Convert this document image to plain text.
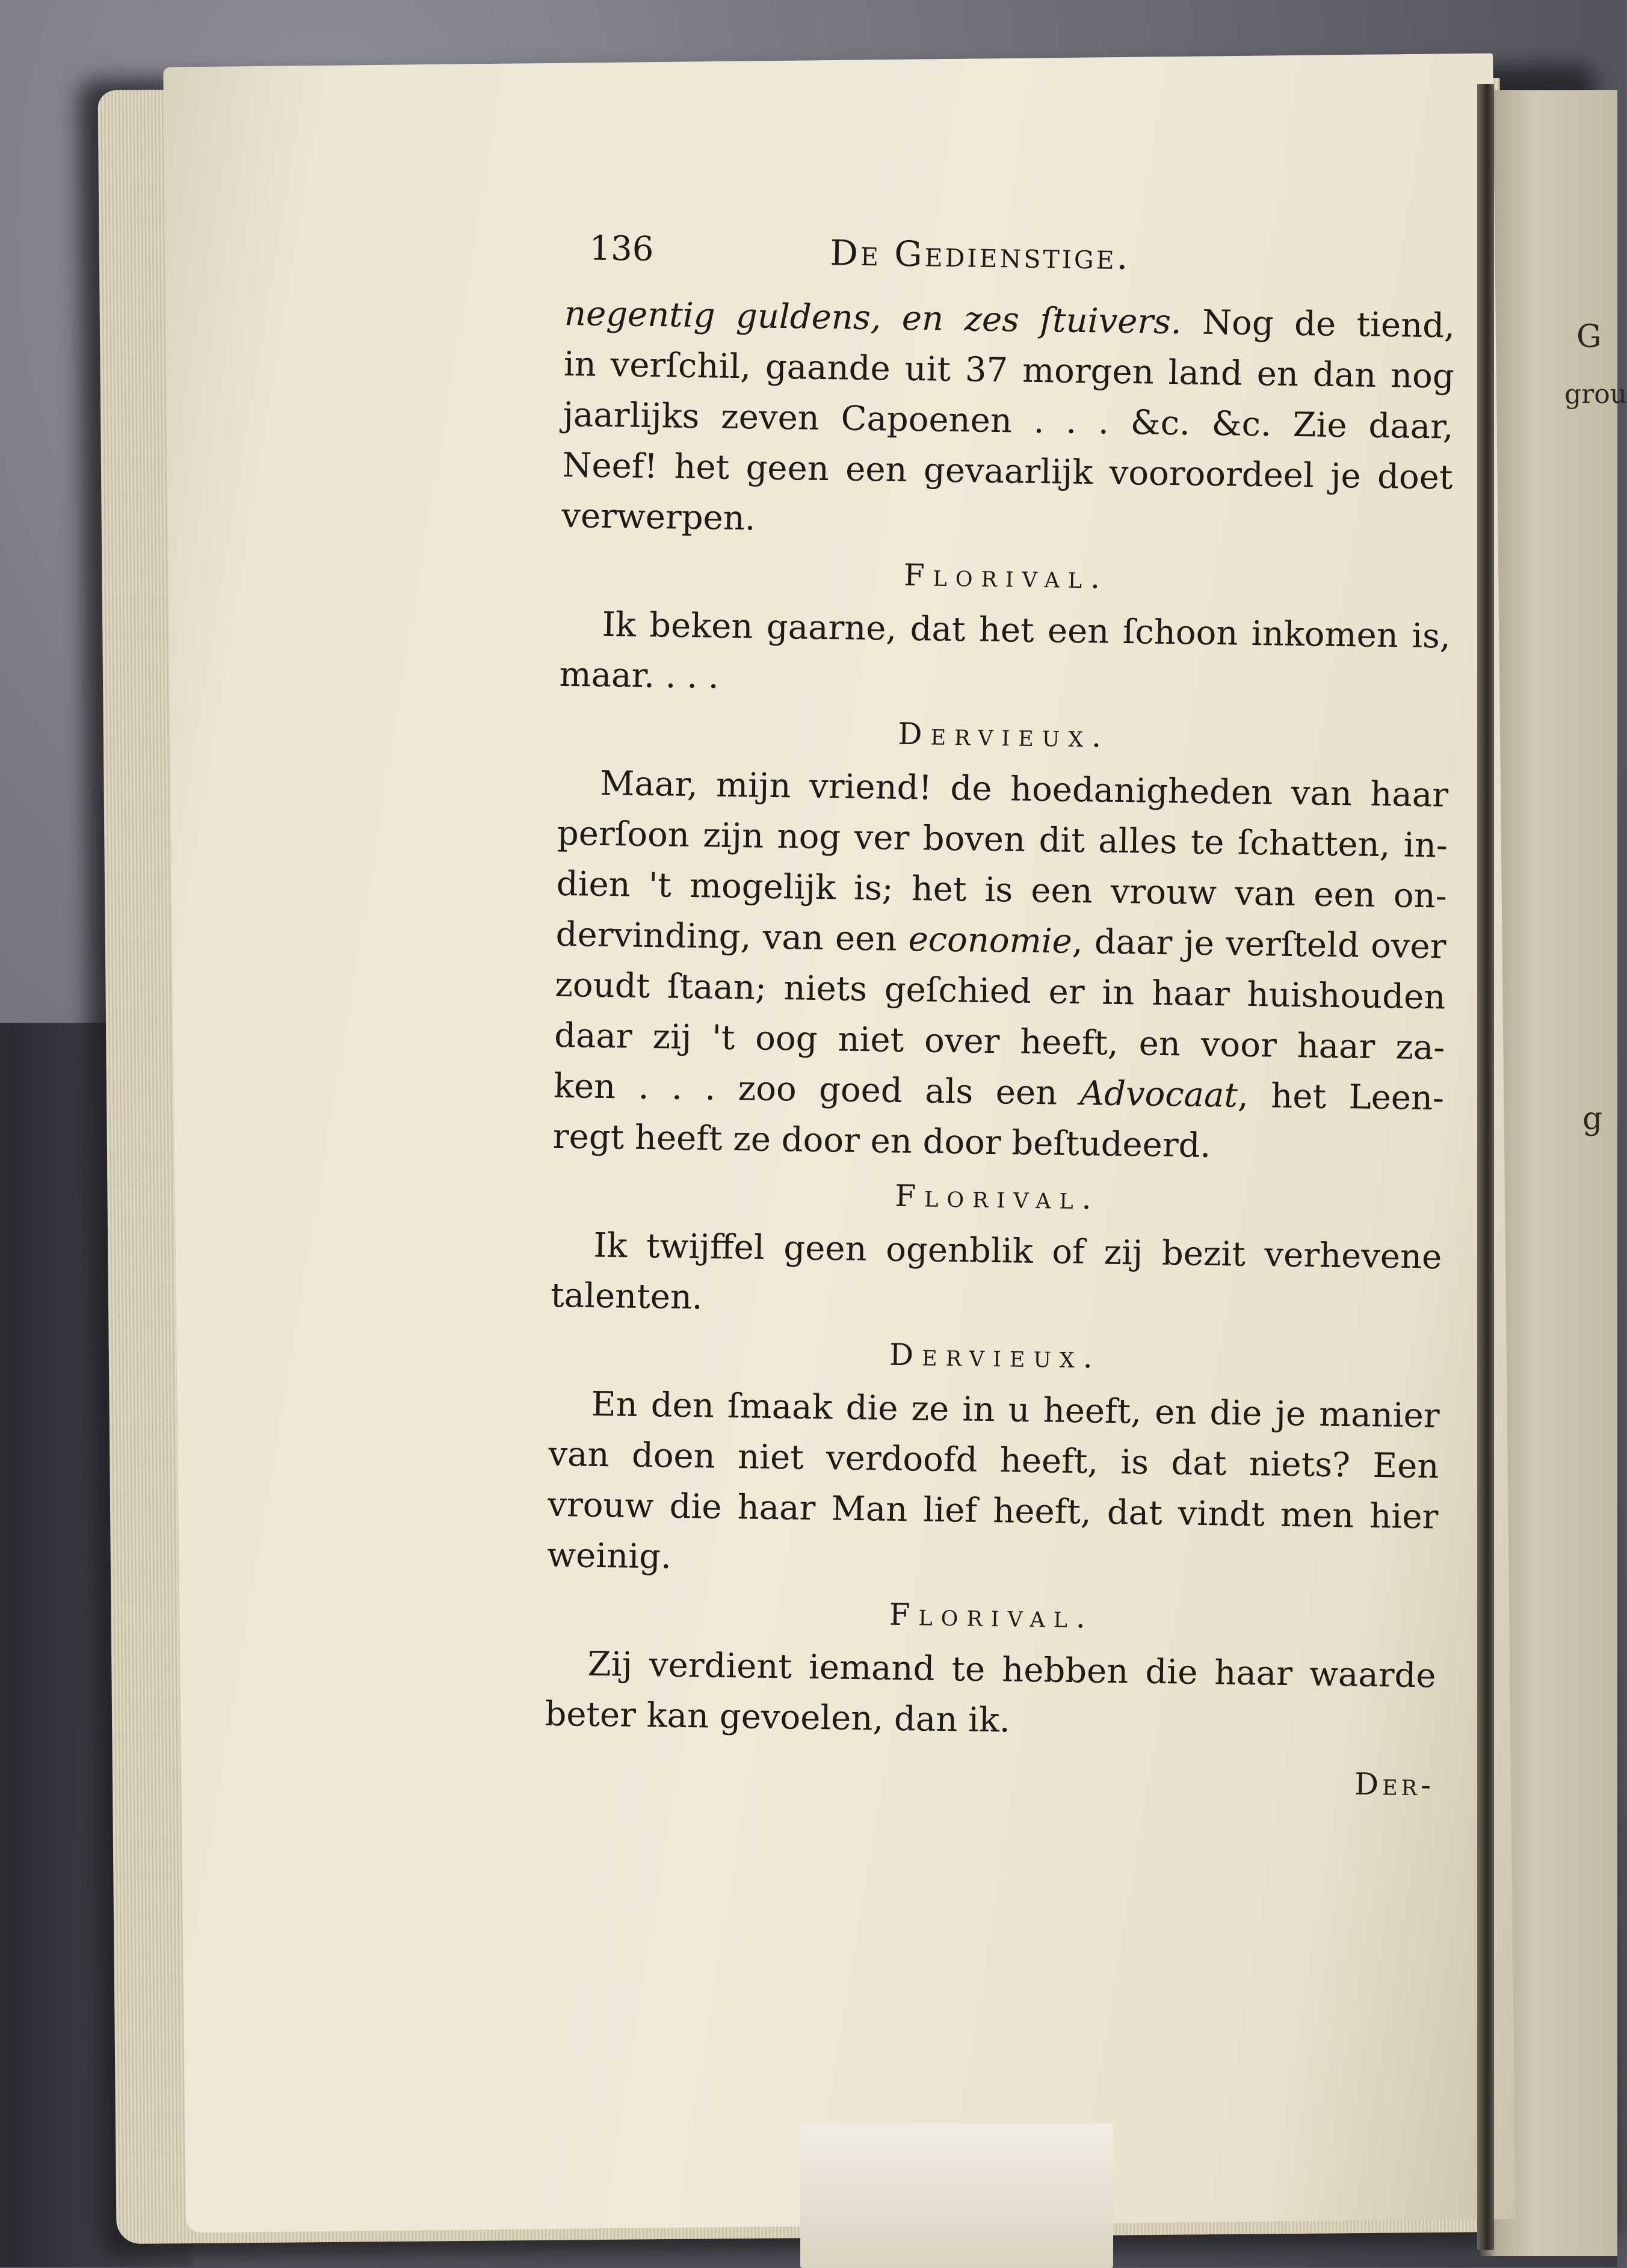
G
grou
g
136	De Gedienstige.
negentig guldens, en zes ſtuivers. Nog de tiend,
in verſchil, gaande uit 37 morgen land en dan nog
jaarlijks zeven Capoenen . . . &c. &c. Zie daar,
Neef! het geen een gevaarlijk vooroordeel je doet
verwerpen.
Florival.
Ik beken gaarne, dat het een ſchoon inkomen is,
maar. . . .
Dervieux.
Maar, mijn vriend! de hoedanigheden van haar
perſoon zijn nog ver boven dit alles te ſchatten, in-
dien 't mogelijk is; het is een vrouw van een on-
dervinding, van een economie, daar je verſteld over
zoudt ſtaan; niets geſchied er in haar huishouden
daar zij 't oog niet over heeft, en voor haar za-
ken . . . zoo goed als een Advocaat, het Leen-
regt heeft ze door en door beſtudeerd.
Florival.
Ik twijffel geen ogenblik of zij bezit verhevene
talenten.
Dervieux.
En den ſmaak die ze in u heeft, en die je manier
van doen niet verdoofd heeft, is dat niets? Een
vrouw die haar Man lief heeft, dat vindt men hier
weinig.
Florival.
Zij verdient iemand te hebben die haar waarde
beter kan gevoelen, dan ik.
Der-
